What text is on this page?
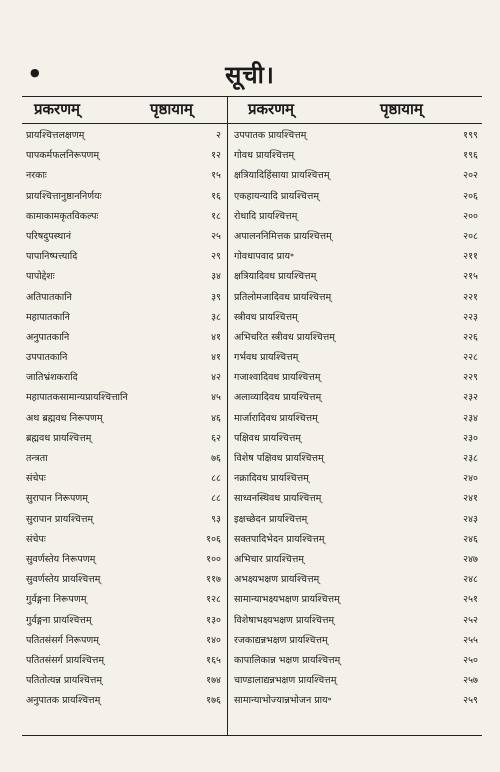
सूची।
●
प्रकरणम्	पृष्ठायाम्	प्रकरणम्	पृष्ठायाम्
प्रायश्चित्तलक्षणम्	२ उपपातक प्रायश्चित्तम्	१९९
पापकर्मफलनिरूपणम्	१२ गोवध प्रायश्चित्तम्	१९६
नरकाः	१५ क्षत्रियादिहिंसाया प्रायश्चित्तम्	२०२
प्रायश्चित्तानुष्ठाननिर्णयः	१६ एकहायन्यादि प्रायश्चित्तम्	२०६
कामाकामकृतविकल्पः	१८ रोधादि प्रायश्चित्तम्	२००
परिषदुपस्थानं	२५ अपालननिमित्तक प्रायश्चित्तम्	२०८
पापानिष्पत्त्यादि	२९ गोवधापवाद प्राय॰	२११
पापोद्देशः	३४ क्षत्रियादिवध प्रायश्चित्तम्	२१५
अतिपातकानि	३९ प्रतिलोमजादिवध प्रायश्चित्तम्	२२१
महापातकानि	३८ स्त्रीवध प्रायश्चित्तम्	२२३
अनुपातकानि	४१ अभिचरित स्त्रीवध प्रायश्चित्तम्	२२६
उपपातकानि	४१ गर्भवध प्रायश्चित्तम्	२२८
जातिभ्रंशकरादि	४२ गजाश्वादिवध प्रायश्चित्तम्	२२९
महापातकसामान्यप्रायश्चित्तानि	४५ अलाव्यादिवध प्रायश्चित्तम्	२३२
अथ ब्रह्मवध निरूपणम्	४६ मार्जारादिवध प्रायश्चित्तम्	२३४
ब्रह्मवध प्रायश्चित्तम्	६२ पक्षिवध प्रायश्चित्तम्	२३०
तन्त्रता	७६ विशेष पक्षिवध प्रायश्चित्तम्	२३८
संचेपः	८८ नक्रादिवध प्रायश्चित्तम्	२४०
सुरापान निरूपणम्	८८ साध्वनस्थिवध प्रायश्चित्तम्	२४१
सुरापान प्रायश्चित्तम्	९३ इक्षच्छेदन प्रायश्चित्तम्	२४३
संचेपः	१०६ सक्तपादिभेदन प्रायश्चित्तम्	२४६
सुवर्णस्तेय निरूपणम्	१०० अभिचार प्रायश्चित्तम्	२४७
सुवर्णस्तेय प्रायश्चित्तम्	११७ अभक्ष्यभक्षण प्रायश्चित्तम्	२४८
गुर्वङ्गना निरूपणम्	१२८ सामान्याभक्ष्यभक्षण प्रायश्चित्तम्	२५१
गुर्वङ्गना प्रायश्चित्तम्	१३० विशेषाभक्ष्यभक्षण प्रायश्चित्तम्	२५२
पतितसंसर्ग निरूपणम्	१४० रजकाद्यन्नभक्षण प्रायश्चित्तम्	२५५
पतितसंसर्ग प्रायश्चित्तम्	१६५ कापालिकान्न भक्षण प्रायश्चित्तम्	२५०
पतितोत्यन्न प्रायश्चित्तम्	१७४ चाण्डालाद्यन्नभक्षण प्रायश्चित्तम्	२५७
अनुपातक प्रायश्चित्तम्	१७६ सामान्याभोज्यान्नभोजन प्राय॰	२५९
